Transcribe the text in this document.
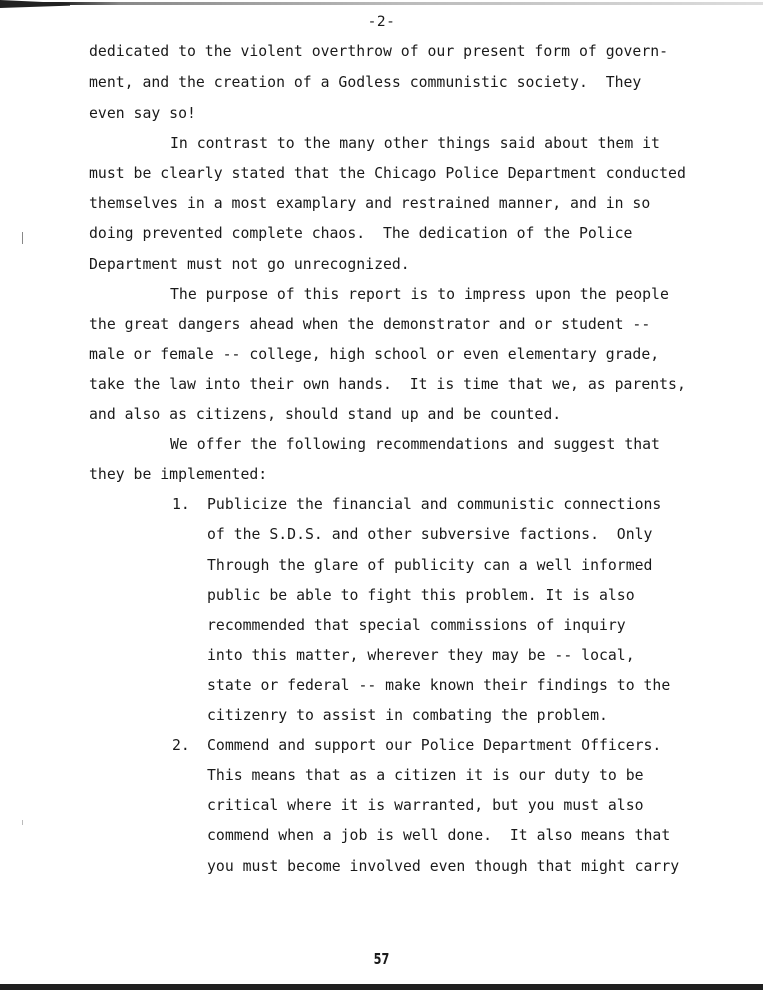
-2-
dedicated to the violent overthrow of our present form of govern-
ment, and the creation of a Godless communistic society.  They
even say so!
In contrast to the many other things said about them it
must be clearly stated that the Chicago Police Department conducted
themselves in a most examplary and restrained manner, and in so
doing prevented complete chaos.  The dedication of the Police
Department must not go unrecognized.
The purpose of this report is to impress upon the people
the great dangers ahead when the demonstrator and or student --
male or female -- college, high school or even elementary grade,
take the law into their own hands.  It is time that we, as parents,
and also as citizens, should stand up and be counted.
We offer the following recommendations and suggest that
they be implemented:
1. Publicize the financial and communistic connections
of the S.D.S. and other subversive factions.  Only
Through the glare of publicity can a well informed
public be able to fight this problem. It is also
recommended that special commissions of inquiry
into this matter, wherever they may be -- local,
state or federal -- make known their findings to the
citizenry to assist in combating the problem.
2. Commend and support our Police Department Officers.
This means that as a citizen it is our duty to be
critical where it is warranted, but you must also
commend when a job is well done.  It also means that
you must become involved even though that might carry
57
